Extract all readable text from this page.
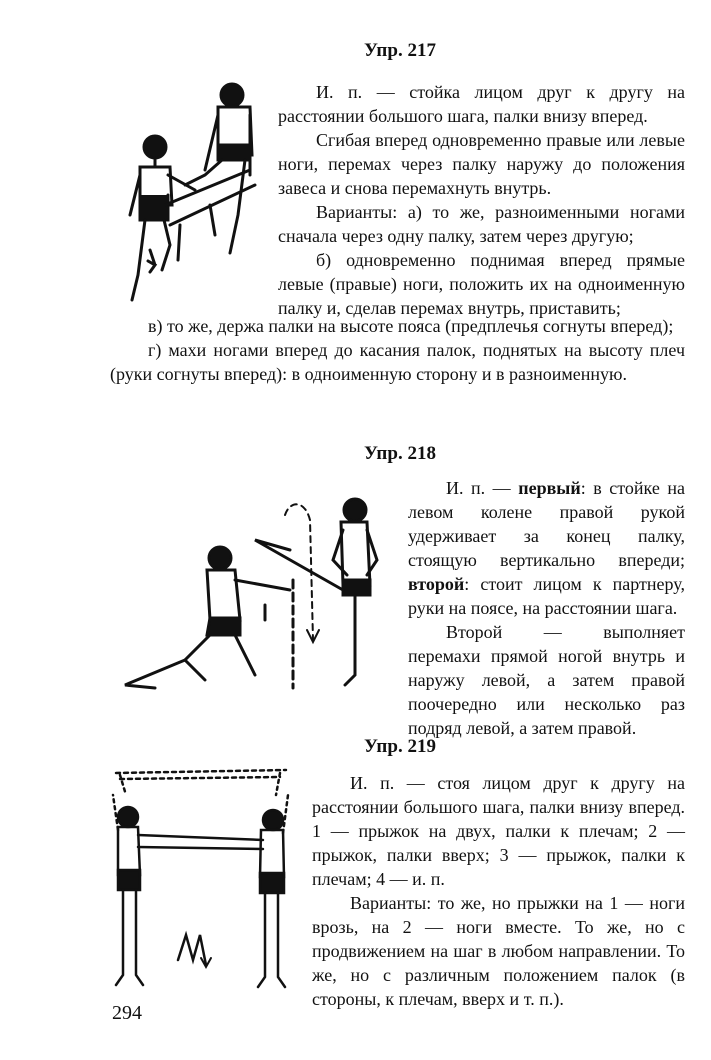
Упр. 217

И. п. — стойка лицом друг к другу на расстоянии большого шага, палки внизу вперед.

Сгибая вперед одновременно правые или левые ноги, перемах через палку наружу до положения завеса и снова перемахнуть внутрь.

Варианты: а) то же, разноименными ногами сначала через одну палку, затем через другую;

б) одновременно поднимая вперед прямые левые (правые) ноги, положить их на одноименную палку и, сделав перемах внутрь, приставить;

в) то же, держа палки на высоте пояса (предплечья согнуты вперед);

г) махи ногами вперед до касания палок, поднятых на высоту плеч (руки согнуты вперед): в одноименную сторону и в разноименную.

Упр. 218

И. п. — первый: в стойке на левом колене правой рукой удерживает за конец палку, стоящую вертикально впереди; второй: стоит лицом к партнеру, руки на поясе, на расстоянии шага.

Второй — выполняет перемахи прямой ногой внутрь и наружу левой, а затем правой поочередно или несколько раз подряд левой, а затем правой.

Упр. 219

И. п. — стоя лицом друг к другу на расстоянии большого шага, палки внизу вперед. 1 — прыжок на двух, палки к плечам; 2 — прыжок, палки вверх; 3 — прыжок, палки к плечам; 4 — и. п.

Варианты: то же, но прыжки на 1 — ноги врозь, на 2 — ноги вместе. То же, но с продвижением на шаг в любом направлении. То же, но с различным положением палок (в стороны, к плечам, вверх и т. п.).

294
